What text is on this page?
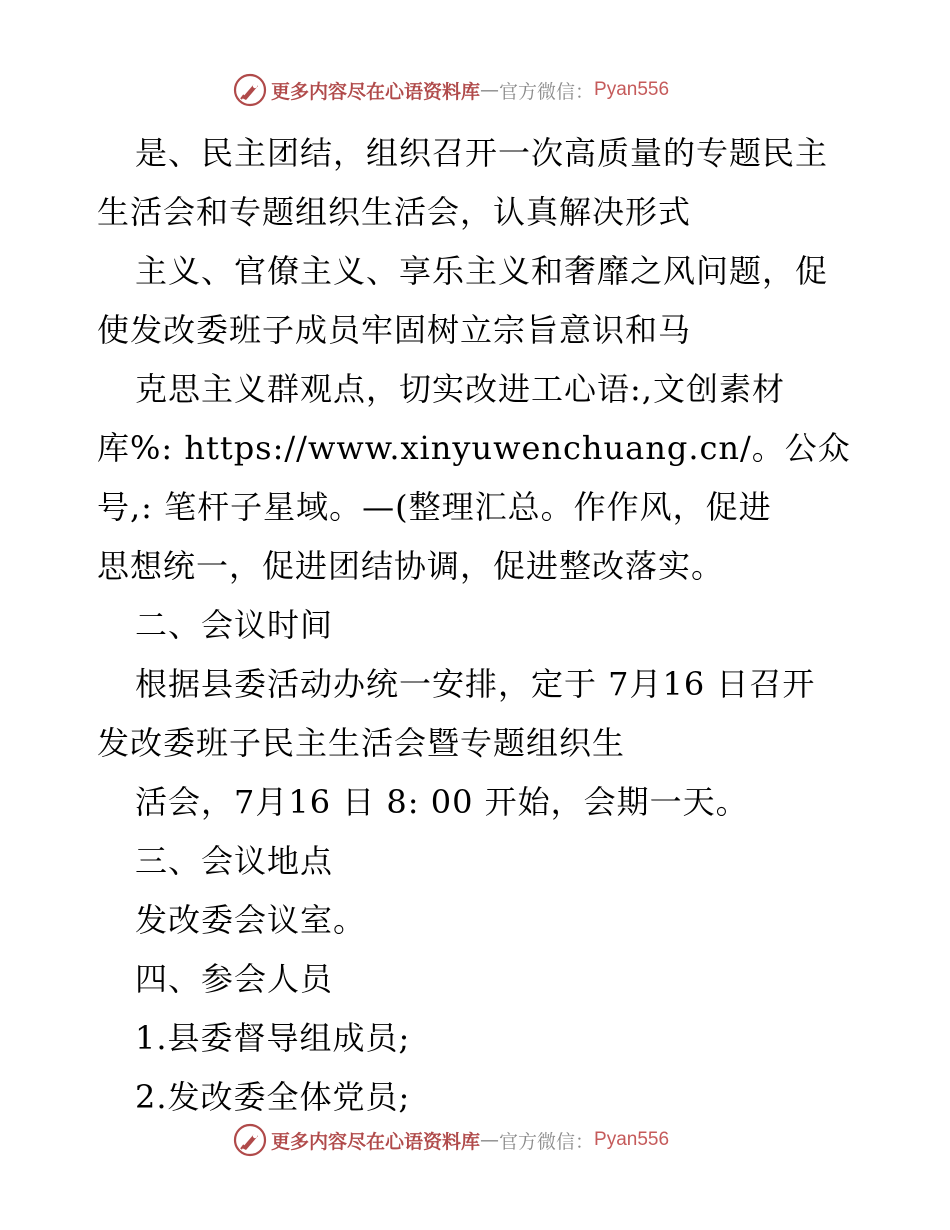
更多内容尽在心语资料库 — 官方微信： Pyan556
是、民主团结，组织召开一次高质量的专题民主
生活会和专题组织生活会，认真解决形式
主义、官僚主义、享乐主义和奢靡之风问题，促
使发改委班子成员牢固树立宗旨意识和马
克思主义群观点，切实改进工心语:,文创素材
库%: https://www.xinyuwenchuang.cn/。公众
号,: 笔杆子星域。—(整理汇总。作作风，促进
思想统一，促进团结协调，促进整改落实。
二、会议时间
根据县委活动办统一安排，定于 7月16 日召开
发改委班子民主生活会暨专题组织生
活会，7月16 日 8: 00 开始，会期一天。
三、会议地点
发改委会议室。
四、参会人员
1.县委督导组成员;
2.发改委全体党员;
更多内容尽在心语资料库 — 官方微信： Pyan556
